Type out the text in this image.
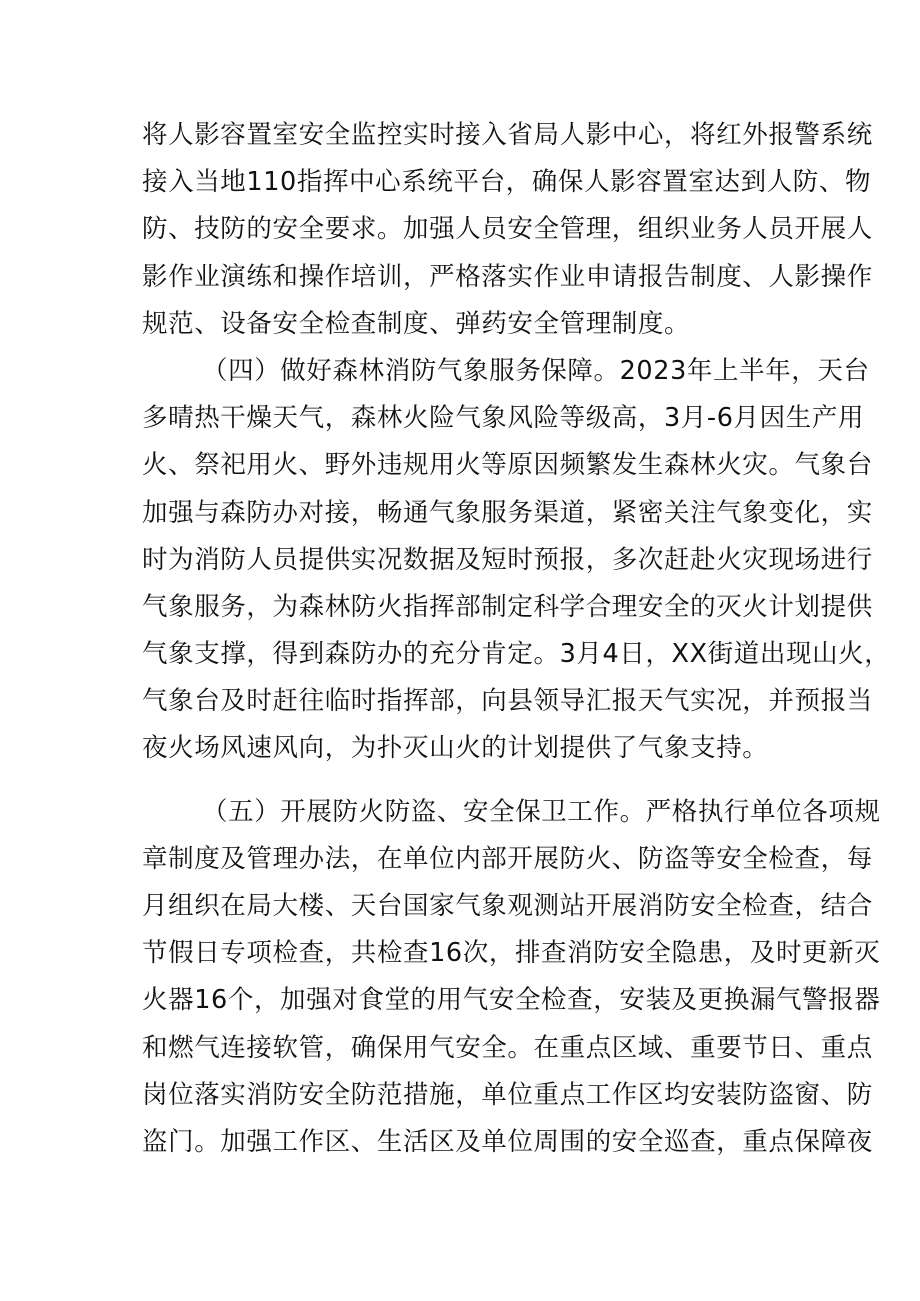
将人影容置室安全监控实时接入省局人影中心，将红外报警系统
接入当地110指挥中心系统平台，确保人影容置室达到人防、物
防、技防的安全要求。加强人员安全管理，组织业务人员开展人
影作业演练和操作培训，严格落实作业申请报告制度、人影操作
规范、设备安全检查制度、弹药安全管理制度。
（四）做好森林消防气象服务保障。2023年上半年，天台
多晴热干燥天气，森林火险气象风险等级高，3月-6月因生产用
火、祭祀用火、野外违规用火等原因频繁发生森林火灾。气象台
加强与森防办对接，畅通气象服务渠道，紧密关注气象变化，实
时为消防人员提供实况数据及短时预报，多次赶赴火灾现场进行
气象服务，为森林防火指挥部制定科学合理安全的灭火计划提供
气象支撑，得到森防办的充分肯定。3月4日，XX街道出现山火，
气象台及时赶往临时指挥部，向县领导汇报天气实况，并预报当
夜火场风速风向，为扑灭山火的计划提供了气象支持。
（五）开展防火防盗、安全保卫工作。严格执行单位各项规
章制度及管理办法，在单位内部开展防火、防盗等安全检查，每
月组织在局大楼、天台国家气象观测站开展消防安全检查，结合
节假日专项检查，共检查16次，排查消防安全隐患，及时更新灭
火器16个，加强对食堂的用气安全检查，安装及更换漏气警报器
和燃气连接软管，确保用气安全。在重点区域、重要节日、重点
岗位落实消防安全防范措施，单位重点工作区均安装防盗窗、防
盗门。加强工作区、生活区及单位周围的安全巡查，重点保障夜
